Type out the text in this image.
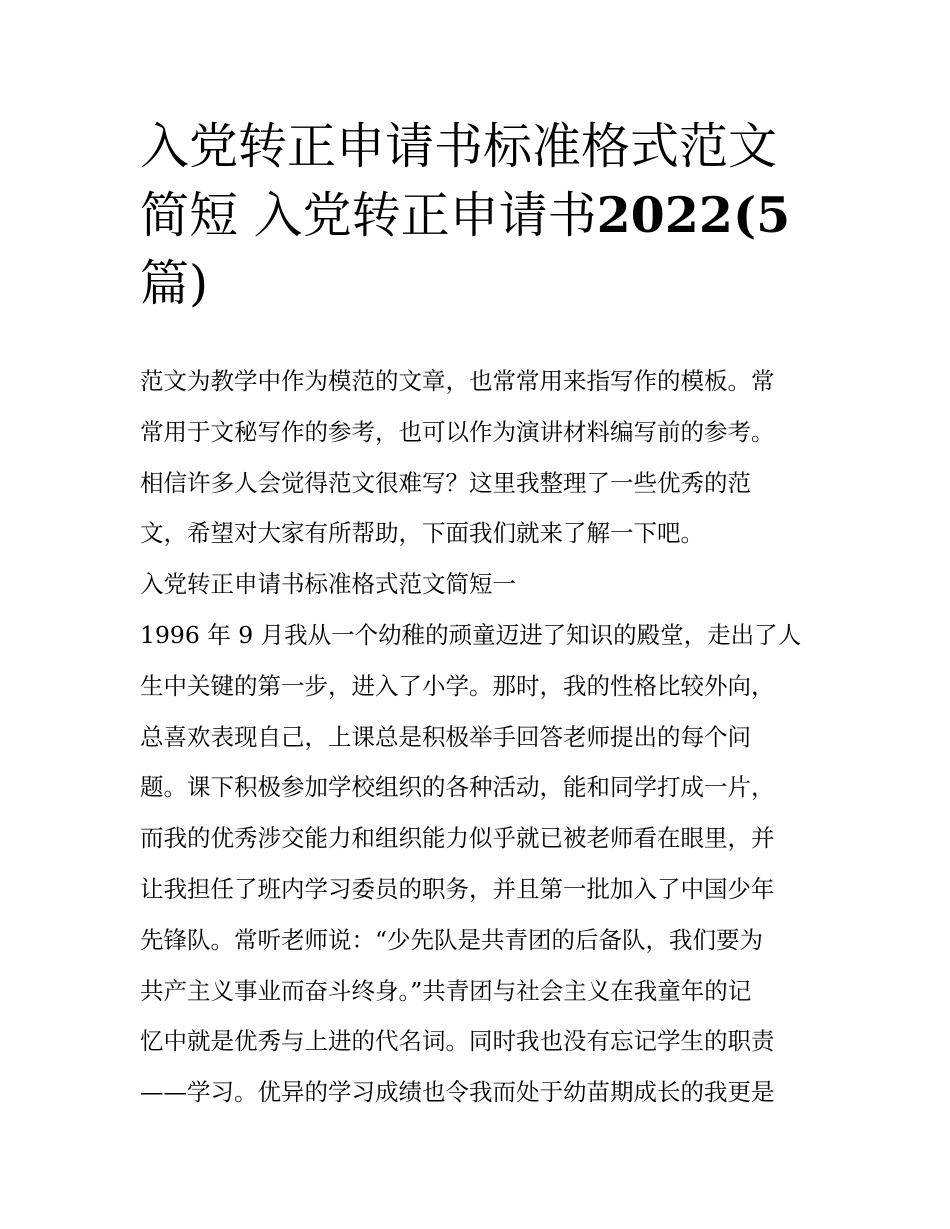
入党转正申请书标准格式范文
简短 入党转正申请书2022(5
篇)
范文为教学中作为模范的文章，也常常用来指写作的模板。常
常用于文秘写作的参考，也可以作为演讲材料编写前的参考。
相信许多人会觉得范文很难写？这里我整理了一些优秀的范
文，希望对大家有所帮助，下面我们就来了解一下吧。
入党转正申请书标准格式范文简短一
1996 年 9 月我从一个幼稚的顽童迈进了知识的殿堂，走出了人
生中关键的第一步，进入了小学。那时，我的性格比较外向，
总喜欢表现自己，上课总是积极举手回答老师提出的每个问
题。课下积极参加学校组织的各种活动，能和同学打成一片，
而我的优秀涉交能力和组织能力似乎就已被老师看在眼里，并
让我担任了班内学习委员的职务，并且第一批加入了中国少年
先锋队。常听老师说：“少先队是共青团的后备队，我们要为
共产主义事业而奋斗终身。”共青团与社会主义在我童年的记
忆中就是优秀与上进的代名词。同时我也没有忘记学生的职责
——学习。优异的学习成绩也令我而处于幼苗期成长的我更是
